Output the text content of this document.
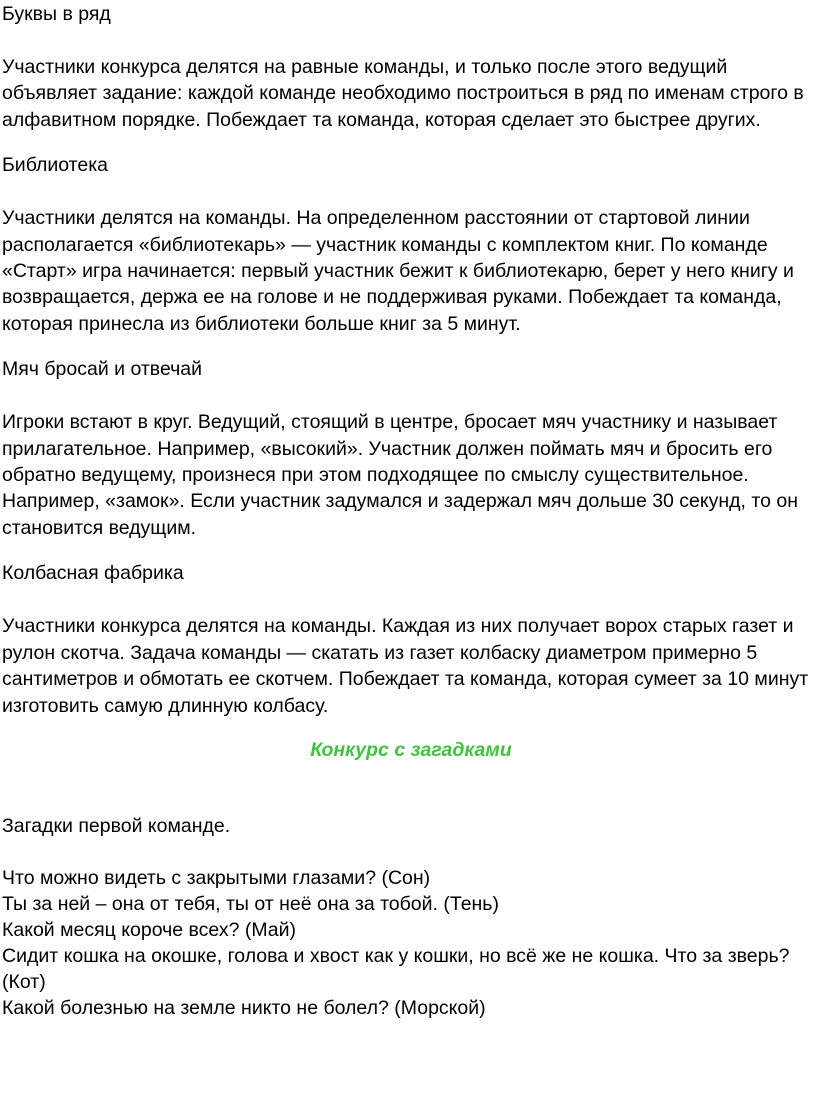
Буквы в ряд

Участники конкурса делятся на равные команды, и только после этого ведущий объявляет задание: каждой команде необходимо построиться в ряд по именам строго в алфавитном порядке. Побеждает та команда, которая сделает это быстрее других.

Библиотека

Участники делятся на команды. На определенном расстоянии от стартовой линии располагается «библиотекарь» — участник команды с комплектом книг. По команде «Старт» игра начинается: первый участник бежит к библиотекарю, берет у него книгу и возвращается, держа ее на голове и не поддерживая руками. Побеждает та команда, которая принесла из библиотеки больше книг за 5 минут.

Мяч бросай и отвечай

Игроки встают в круг. Ведущий, стоящий в центре, бросает мяч участнику и называет прилагательное. Например, «высокий». Участник должен поймать мяч и бросить его обратно ведущему, произнеся при этом подходящее по смыслу существительное. Например, «замок». Если участник задумался и задержал мяч дольше 30 секунд, то он становится ведущим.

Колбасная фабрика

Участники конкурса делятся на команды. Каждая из них получает ворох старых газет и рулон скотча. Задача команды — скатать из газет колбаску диаметром примерно 5 сантиметров и обмотать ее скотчем. Побеждает та команда, которая сумеет за 10 минут изготовить самую длинную колбасу.

Конкурс с загадками

Загадки первой команде.

Что можно видеть с закрытыми глазами? (Сон)
Ты за ней – она от тебя, ты от неё она за тобой. (Тень)
Какой месяц короче всех? (Май)
Сидит кошка на окошке, голова и хвост как у кошки, но всё же не кошка. Что за зверь? (Кот)
Какой болезнью на земле никто не болел? (Морской)
